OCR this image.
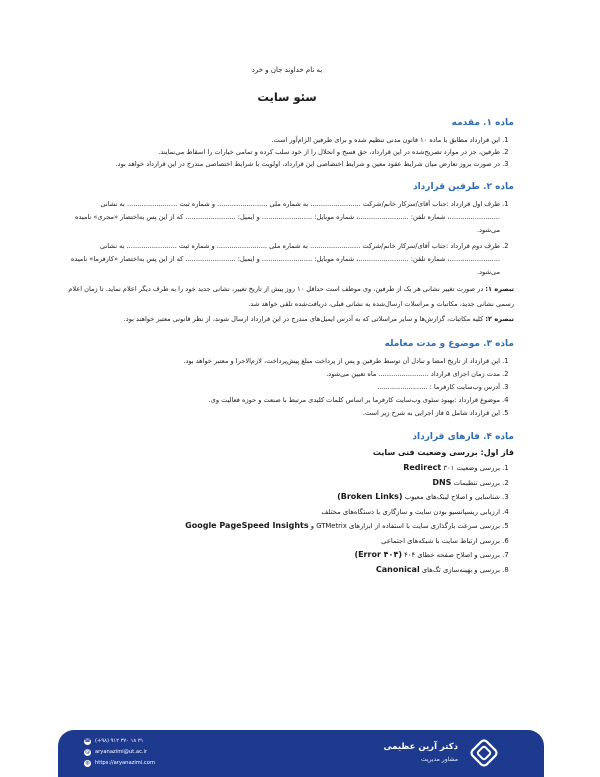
به نام خداوند جان و خرد
سئو سایت
ماده ۱. مقدمه
1. این قرارداد مطابق با ماده ۱۰ قانون مدنی تنظیم شده و برای طرفین الزام‌آور است.
2. طرفین، جز در موارد تصریح‌شده در این قرارداد، حق فسخ و انحلال را از خود سلب کرده و تمامی خیارات را اسقاط می‌نمایند.
3. در صورت بروز تعارض میان شرایط عقود معین و شرایط اختصاصی این قرارداد، اولویت با شرایط اختصاصی مندرج در این قرارداد خواهد بود.
ماده ۲. طرفین قرارداد
1. طرف اول قرارداد :جناب آقای/سرکار خانم/شرکت ........................ به شماره ملی ........................ و شماره ثبت ........................ به نشانی ........................، شماره تلفن: ........................، شماره موبایل: ........................ و ایمیل: ........................ که از این پس به‌اختصار «مجری» نامیده می‌شود.
2. طرف دوم قرارداد :جناب آقای/سرکار خانم/شرکت ........................ به شماره ملی ........................ و شماره ثبت ........................ به نشانی ........................، شماره تلفن: ........................، شماره موبایل: ........................ و ایمیل: ........................ که از این پس به‌اختصار «کارفرما» نامیده می‌شود.

تبصره ۱: در صورت تغییر نشانی هر یک از طرفین، وی موظف است حداقل ۱۰ روز پیش از تاریخ تغییر، نشانی جدید خود را به طرف دیگر اعلام نماید. تا زمان اعلام رسمی نشانی جدید، مکاتبات و مراسلات ارسال‌شده به نشانی قبلی، دریافت‌شده تلقی خواهد شد.

تبصره ۲: کلیه مکاتبات، گزارش‌ها و سایر مراسلاتی که به آدرس ایمیل‌های مندرج در این قرارداد ارسال شوند، از نظر قانونی معتبر خواهند بود.

ماده ۳. موضوع و مدت معامله
1. این قرارداد از تاریخ امضا و تبادل آن توسط طرفین و پس از پرداخت مبلغ پیش‌پرداخت، لازم‌الاجرا و معتبر خواهد بود.
2. مدت زمان اجرای قرارداد ........................ ماه تعیین می‌شود.
3. آدرس وب‌سایت کارفرما : ........................
4. موضوع قرارداد :بهبود سئوی وب‌سایت کارفرما بر اساس کلمات کلیدی مرتبط با صنعت و حوزه فعالیت وی.
5. این قرارداد شامل ۵ فاز اجرایی به شرح زیر است.
ماده ۴. فازهای قرارداد
فاز اول: بررسی وضعیت فنی سایت
1. بررسی وضعیت ۳۰۱ Redirect
2. بررسی تنظیمات DNS
3. شناسایی و اصلاح لینک‌های معیوب (Broken Links)
4. ارزیابی ریسپانسیو بودن سایت و سازگاری با دستگاه‌های مختلف
5. بررسی سرعت بارگذاری سایت با استفاده از ابزارهای GTMetrix و Google PageSpeed Insights
6. بررسی ارتباط سایت با شبکه‌های اجتماعی
7. بررسی و اصلاح صفحه خطای ۴۰۴ (Error ۴۰۴)
8. بررسی و بهینه‌سازی تگ‌های Canonical
دکتر آرین عظیمی
مشاور مدیریت
☎ (+۹۸) ۹۱۲ ۳۷۰ ۱۸ ۳۱
@ aryanazimi@ut.ac.ir
◍ https://aryanazimi.com
